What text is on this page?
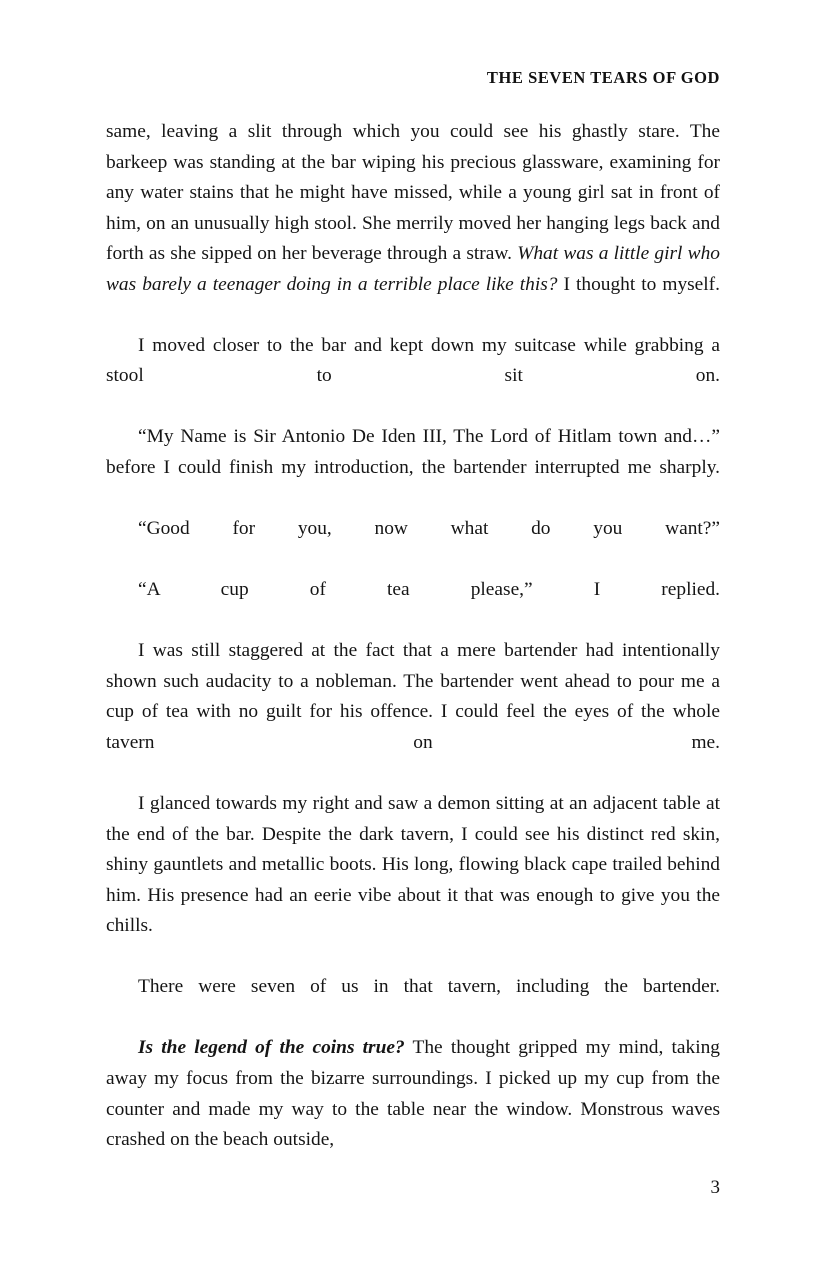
THE SEVEN TEARS OF GOD

same, leaving a slit through which you could see his ghastly stare. The barkeep was standing at the bar wiping his precious glassware, examining for any water stains that he might have missed, while a young girl sat in front of him, on an unusually high stool. She merrily moved her hanging legs back and forth as she sipped on her beverage through a straw. What was a little girl who was barely a teenager doing in a terrible place like this? I thought to myself.

I moved closer to the bar and kept down my suitcase while grabbing a stool to sit on.

“My Name is Sir Antonio De Iden III, The Lord of Hitlam town and…” before I could finish my introduction, the bartender interrupted me sharply.

“Good for you, now what do you want?”

“A cup of tea please,” I replied.

I was still staggered at the fact that a mere bartender had intentionally shown such audacity to a nobleman. The bartender went ahead to pour me a cup of tea with no guilt for his offence. I could feel the eyes of the whole tavern on me.

I glanced towards my right and saw a demon sitting at an adjacent table at the end of the bar. Despite the dark tavern, I could see his distinct red skin, shiny gauntlets and metallic boots. His long, flowing black cape trailed behind him. His presence had an eerie vibe about it that was enough to give you the chills.

There were seven of us in that tavern, including the bartender.

Is the legend of the coins true? The thought gripped my mind, taking away my focus from the bizarre surroundings. I picked up my cup from the counter and made my way to the table near the window. Monstrous waves crashed on the beach outside,

3
